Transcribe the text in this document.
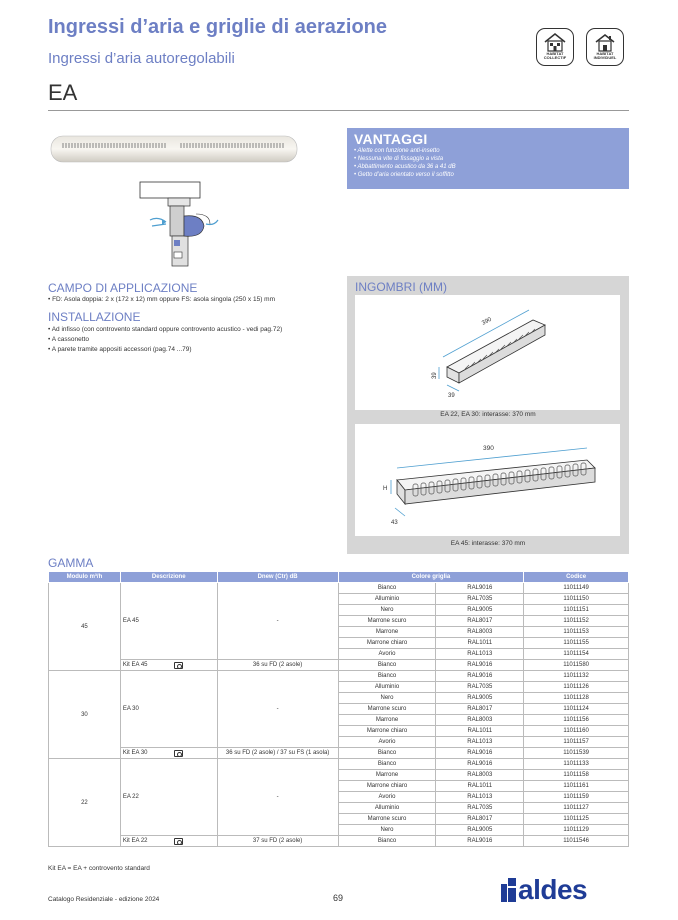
Ingressi d’aria e griglie di aerazione
Ingressi d’aria autoregolabili
EA
HABITAT
COLLECTIF
HABITAT
INDIVIDUEL
VANTAGGI
• Alette con funzione anti-insetto
• Nessuna vite di fissaggio a vista
• Abbattimento acustico da 36 a 41 dB
• Getto d’aria orientato verso il soffitto
CAMPO DI APPLICAZIONE
• FD: Asola doppia: 2 x (172 x 12) mm oppure FS: asola singola (250 x 15) mm
INSTALLAZIONE
• Ad infisso (con controvento standard oppure controvento acustico - vedi pag.72)
• A cassonetto
• A parete tramite appositi accessori (pag.74 ...79)
INGOMBRI (MM)
390
39
39
EA 22, EA 30: interasse: 370 mm
390
H
43
EA 45: interasse: 370 mm
GAMMA
Modulo m³/h	Descrizione	Dnew (Ctr) dB	Colore griglia		Codice
45	EA 45	-	Bianco	RAL9016	11011149
			Alluminio	RAL7035	11011150
			Nero	RAL9005	11011151
			Marrone scuro	RAL8017	11011152
			Marrone	RAL8003	11011153
			Marrone chiaro	RAL1011	11011155
			Avorio	RAL1013	11011154
	Kit EA 45	36 su FD (2 asole)	Bianco	RAL9016	11011580
30	EA 30	-	Bianco	RAL9016	11011132
			Alluminio	RAL7035	11011126
			Nero	RAL9005	11011128
			Marrone scuro	RAL8017	11011124
			Marrone	RAL8003	11011156
			Marrone chiaro	RAL1011	11011160
			Avorio	RAL1013	11011157
	Kit EA 30	36 su FD (2 asole) / 37 su FS (1 asola)	Bianco	RAL9016	11011539
22	EA 22	-	Bianco	RAL9016	11011133
			Marrone	RAL8003	11011158
			Marrone chiaro	RAL1011	11011161
			Avorio	RAL1013	11011159
			Alluminio	RAL7035	11011127
			Marrone scuro	RAL8017	11011125
			Nero	RAL9005	11011129
	Kit EA 22	37 su FD (2 asole)	Bianco	RAL9016	11011546
Kit EA = EA + controvento standard
Catalogo Residenziale - edizione 2024	69	aldes
